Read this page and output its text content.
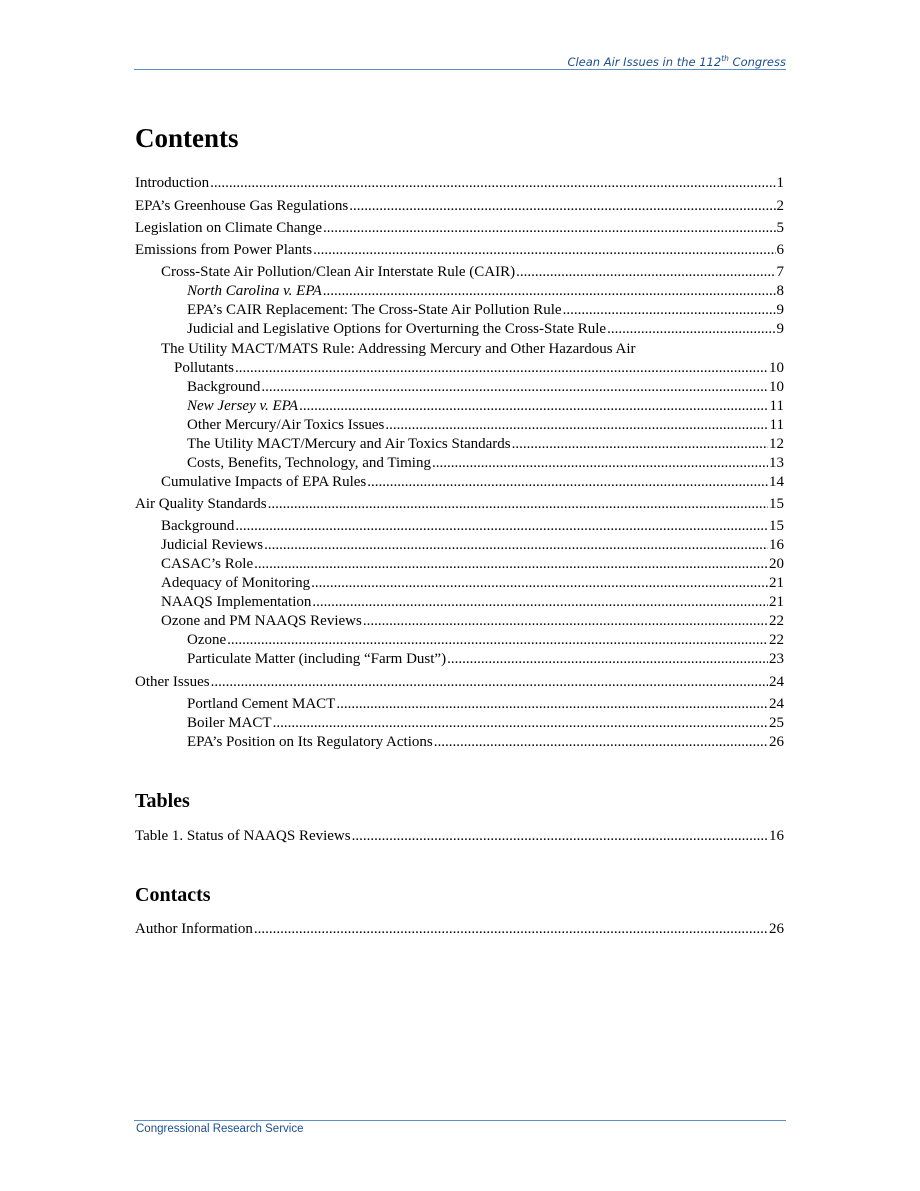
Clean Air Issues in the 112th Congress
Contents
Introduction .....	1
EPA’s Greenhouse Gas Regulations .....	2
Legislation on Climate Change .....	5
Emissions from Power Plants .....	6
Cross-State Air Pollution/Clean Air Interstate Rule (CAIR) .....	7
North Carolina v. EPA .....	8
EPA’s CAIR Replacement: The Cross-State Air Pollution Rule .....	9
Judicial and Legislative Options for Overturning the Cross-State Rule .....	9
The Utility MACT/MATS Rule: Addressing Mercury and Other Hazardous Air
Pollutants .....	10
Background .....	10
New Jersey v. EPA .....	11
Other Mercury/Air Toxics Issues .....	11
The Utility MACT/Mercury and Air Toxics Standards .....	12
Costs, Benefits, Technology, and Timing .....	13
Cumulative Impacts of EPA Rules .....	14
Air Quality Standards .....	15
Background .....	15
Judicial Reviews .....	16
CASAC’s Role .....	20
Adequacy of Monitoring .....	21
NAAQS Implementation .....	21
Ozone and PM NAAQS Reviews .....	22
Ozone .....	22
Particulate Matter (including “Farm Dust”) .....	23
Other Issues .....	24
Portland Cement MACT .....	24
Boiler MACT .....	25
EPA’s Position on Its Regulatory Actions .....	26
Table 1. Status of NAAQS Reviews .....	16
Author Information .....	26
Tables
Contacts
Congressional Research Service
